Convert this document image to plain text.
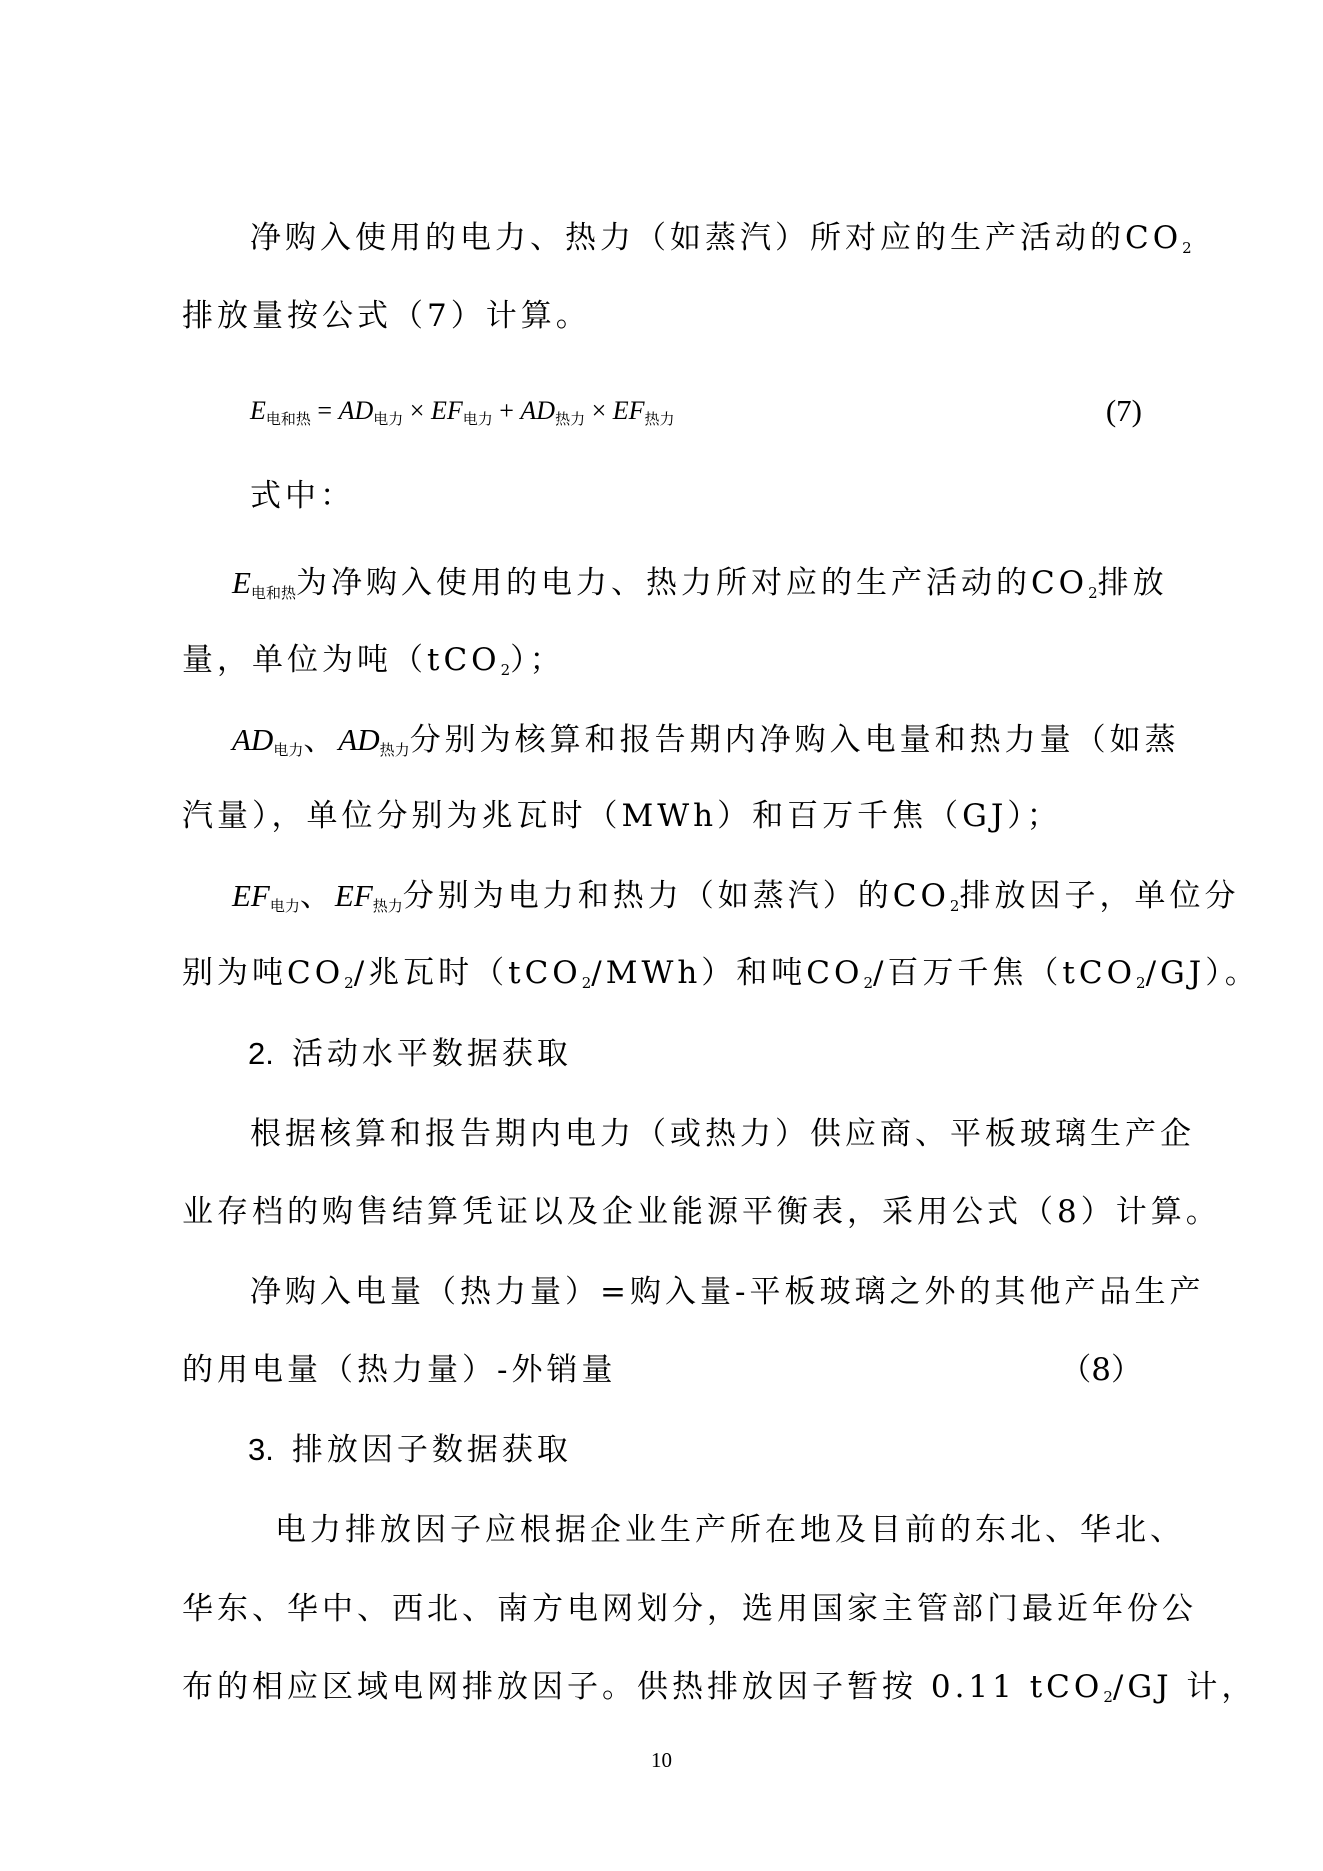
净购入使用的电力、热力（如蒸汽）所对应的生产活动的$CO_2$
排放量按公式（7）计算。
$E_{电和热} = AD_{电力} \times EF_{电力} + AD_{热力} \times EF_{热力}$	(7)
式中：
$E_{电和热}$为净购入使用的电力、热力所对应的生产活动的$CO_2$排放
量，单位为吨（tCO$_2$）；
$AD_{电力}$、$AD_{热力}$分别为核算和报告期内净购入电量和热力量（如蒸
汽量），单位分别为兆瓦时（MWh）和百万千焦（GJ）；
$EF_{电力}$、$EF_{热力}$分别为电力和热力（如蒸汽）的$CO_2$排放因子，单位分
别为吨$CO_2/$兆瓦时（tCO$_2$/MWh）和吨$CO_2/$百万千焦（tCO$_2$/GJ）。
2. 活动水平数据获取
根据核算和报告期内电力（或热力）供应商、平板玻璃生产企
业存档的购售结算凭证以及企业能源平衡表，采用公式（8）计算。
净购入电量（热力量）=购入量-平板玻璃之外的其他产品生产
的用电量（热力量）-外销量	（8）
3. 排放因子数据获取
电力排放因子应根据企业生产所在地及目前的东北、华北、
华东、华中、西北、南方电网划分，选用国家主管部门最近年份公
布的相应区域电网排放因子。供热排放因子暂按 0.11 tCO$_2$/GJ 计，
10
